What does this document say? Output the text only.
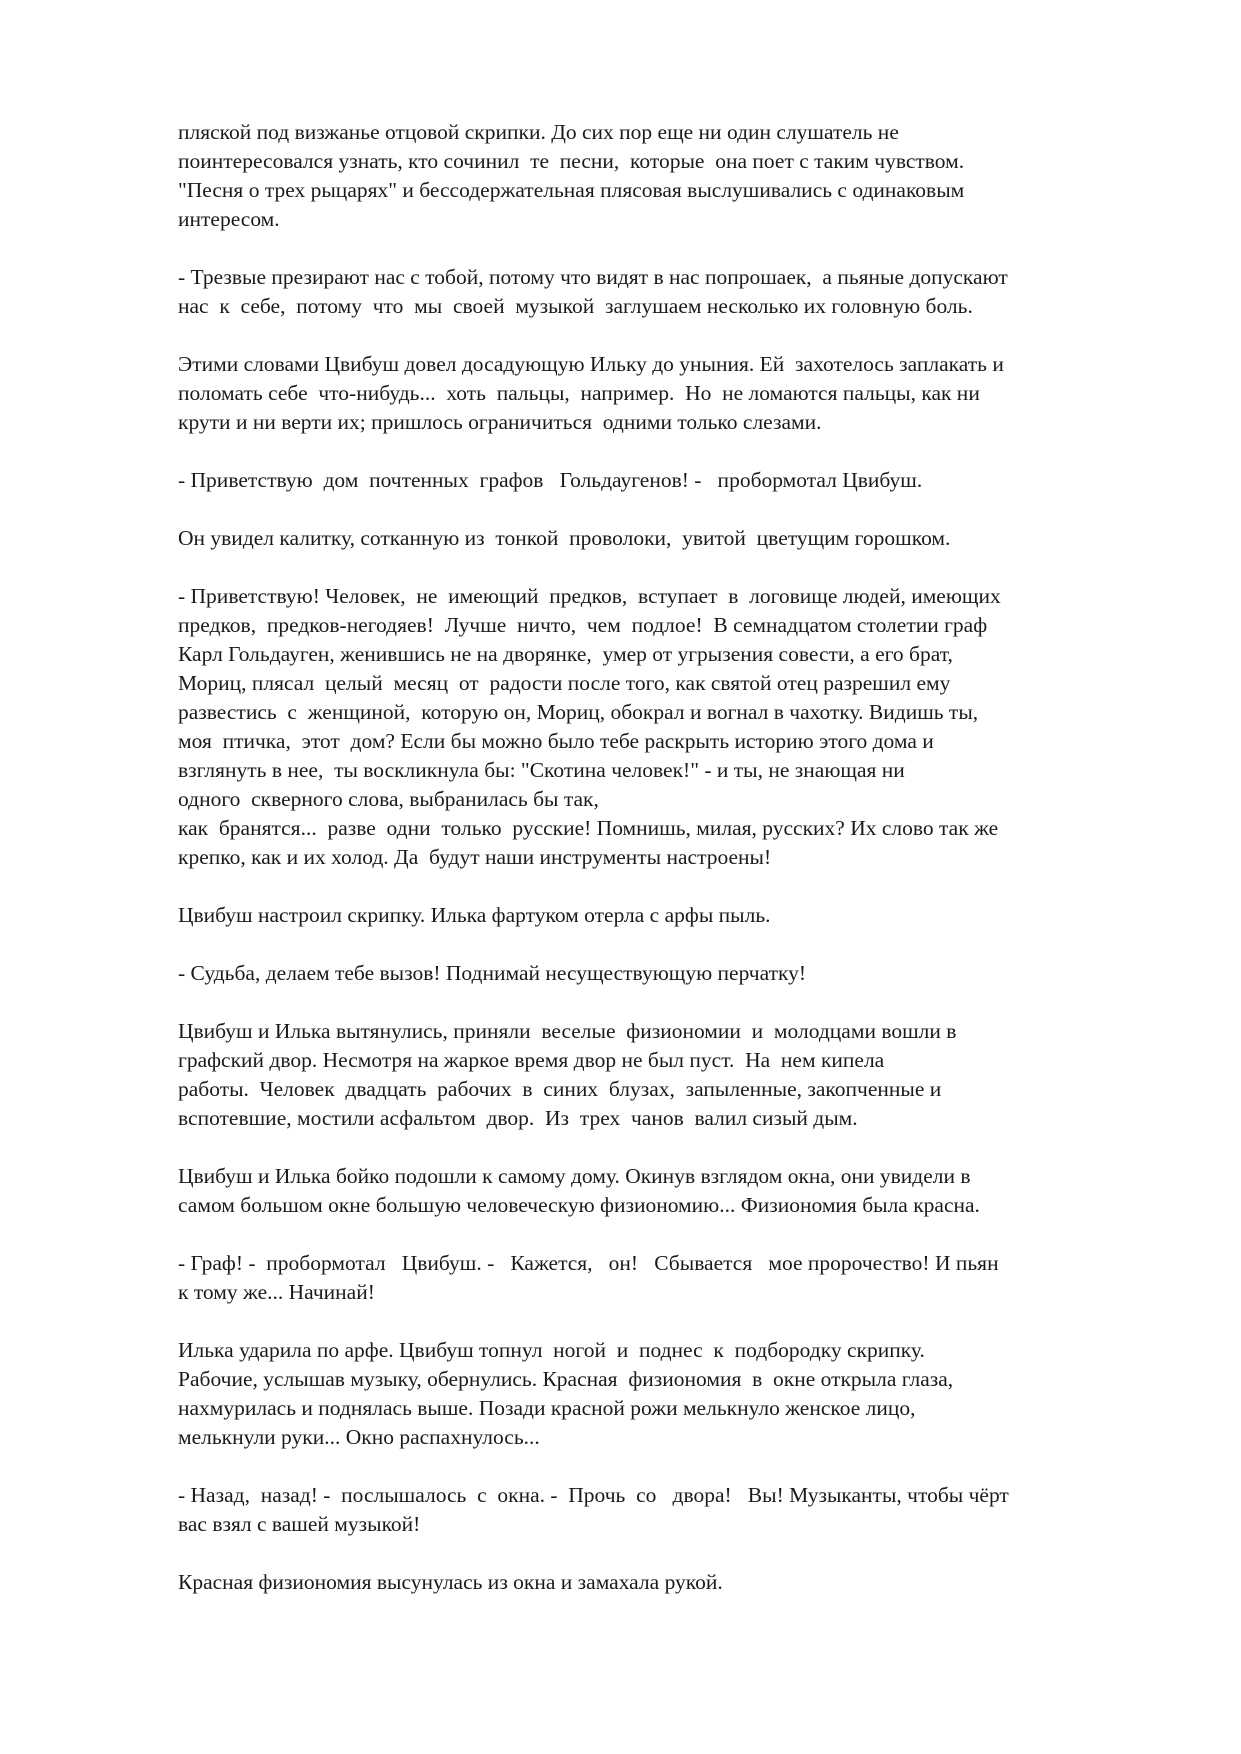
пляской под визжанье отцовой скрипки. До сих пор еще ни один слушатель не
поинтересовался узнать, кто сочинил  те  песни,  которые  она поет с таким чувством.
"Песня о трех рыцарях" и бессодержательная плясовая выслушивались с одинаковым
интересом.

- Трезвые презирают нас с тобой, потому что видят в нас попрошаек,  а пьяные допускают
нас  к  себе,  потому  что  мы  своей  музыкой  заглушаем несколько их головную боль.

Этими словами Цвибуш довел досадующую Ильку до уныния. Ей  захотелось заплакать и
поломать себе  что-нибудь...  хоть  пальцы,  например.  Но  не ломаются пальцы, как ни
крути и ни верти их; пришлось ограничиться  одними только слезами.

- Приветствую  дом  почтенных  графов   Гольдаугенов! -   пробормотал Цвибуш.

Он увидел калитку, сотканную из  тонкой  проволоки,  увитой  цветущим горошком.

- Приветствую! Человек,  не  имеющий  предков,  вступает  в  логовище людей, имеющих
предков,  предков-негодяев!  Лучше  ничто,  чем  подлое!  В семнадцатом столетии граф
Карл Гольдауген, женившись не на дворянке,  умер от угрызения совести, а его брат,
Мориц, плясал  целый  месяц  от  радости после того, как святой отец разрешил ему
развестись  с  женщиной,  которую он, Мориц, обокрал и вогнал в чахотку. Видишь ты,
моя  птичка,  этот  дом? Если бы можно было тебе раскрыть историю этого дома и
взглянуть в нее,  ты воскликнула бы: "Скотина человек!" - и ты, не знающая ни
одного  скверного слова, выбранилась бы так,
как  бранятся...  разве  одни  только  русские! Помнишь, милая, русских? Их слово так же
крепко, как и их холод. Да  будут наши инструменты настроены!

Цвибуш настроил скрипку. Илька фартуком отерла с арфы пыль.

- Судьба, делаем тебе вызов! Поднимай несуществующую перчатку!

Цвибуш и Илька вытянулись, приняли  веселые  физиономии  и  молодцами вошли в
графский двор. Несмотря на жаркое время двор не был пуст.  На  нем кипела
работы.  Человек  двадцать  рабочих  в  синих  блузах,  запыленные, закопченные и
вспотевшие, мостили асфальтом  двор.  Из  трех  чанов  валил сизый дым.

Цвибуш и Илька бойко подошли к самому дому. Окинув взглядом окна, они увидели в
самом большом окне большую человеческую физиономию... Физиономия была красна.

- Граф! -  пробормотал   Цвибуш. -   Кажется,   он!   Сбывается   мое пророчество! И пьян
к тому же... Начинай!

Илька ударила по арфе. Цвибуш топнул  ногой  и  поднес  к  подбородку скрипку.
Рабочие, услышав музыку, обернулись. Красная  физиономия  в  окне открыла глаза,
нахмурилась и поднялась выше. Позади красной рожи мелькнуло женское лицо,
мелькнули руки... Окно распахнулось...

- Назад,  назад! -  послышалось  с  окна. -  Прочь  со   двора!   Вы! Музыканты, чтобы чёрт
вас взял с вашей музыкой!

Красная физиономия высунулась из окна и замахала рукой.
